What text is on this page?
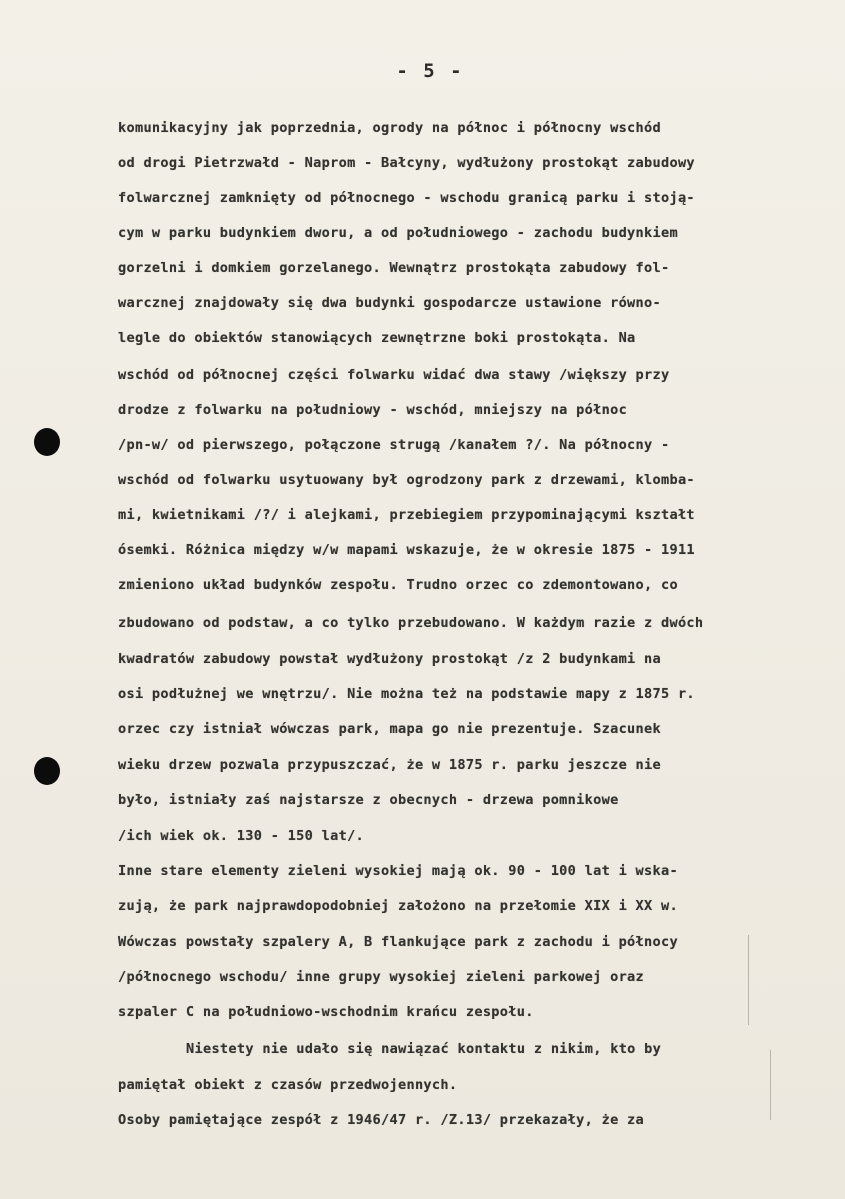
- 5 -
komunikacyjny jak poprzednia, ogrody na północ i północny wschód
od drogi Pietrzwałd - Naprom - Bałcyny, wydłużony prostokąt zabudowy
folwarcznej zamknięty od północnego - wschodu granicą parku i stoją-
cym w parku budynkiem dworu, a od południowego - zachodu budynkiem
gorzelni i domkiem gorzelanego. Wewnątrz prostokąta zabudowy fol-
warcznej znajdowały się dwa budynki gospodarcze ustawione równo-
legle do obiektów stanowiących zewnętrzne boki prostokąta. Na
wschód od północnej części folwarku widać dwa stawy /większy przy
drodze z folwarku na południowy - wschód, mniejszy na północ
/pn-w/ od pierwszego, połączone strugą /kanałem ?/. Na północny -
wschód od folwarku usytuowany był ogrodzony park z drzewami, klomba-
mi, kwietnikami /?/ i alejkami, przebiegiem przypominającymi kształt
ósemki. Różnica między w/w mapami wskazuje, że w okresie 1875 - 1911
zmieniono układ budynków zespołu. Trudno orzec co zdemontowano, co
zbudowano od podstaw, a co tylko przebudowano. W każdym razie z dwóch
kwadratów zabudowy powstał wydłużony prostokąt /z 2 budynkami na
osi podłużnej we wnętrzu/. Nie można też na podstawie mapy z 1875 r.
orzec czy istniał wówczas park, mapa go nie prezentuje. Szacunek
wieku drzew pozwala przypuszczać, że w 1875 r. parku jeszcze nie
było, istniały zaś najstarsze z obecnych - drzewa pomnikowe
/ich wiek ok. 130 - 150 lat/.
Inne stare elementy zieleni wysokiej mają ok. 90 - 100 lat i wska-
zują, że park najprawdopodobniej założono na przełomie XIX i XX w.
Wówczas powstały szpalery A, B flankujące park z zachodu i północy
/północnego wschodu/ inne grupy wysokiej zieleni parkowej oraz
szpaler C na południowo-wschodnim krańcu zespołu.
Niestety nie udało się nawiązać kontaktu z nikim, kto by
pamiętał obiekt z czasów przedwojennych.
Osoby pamiętające zespół z 1946/47 r. /Z.13/ przekazały, że za
